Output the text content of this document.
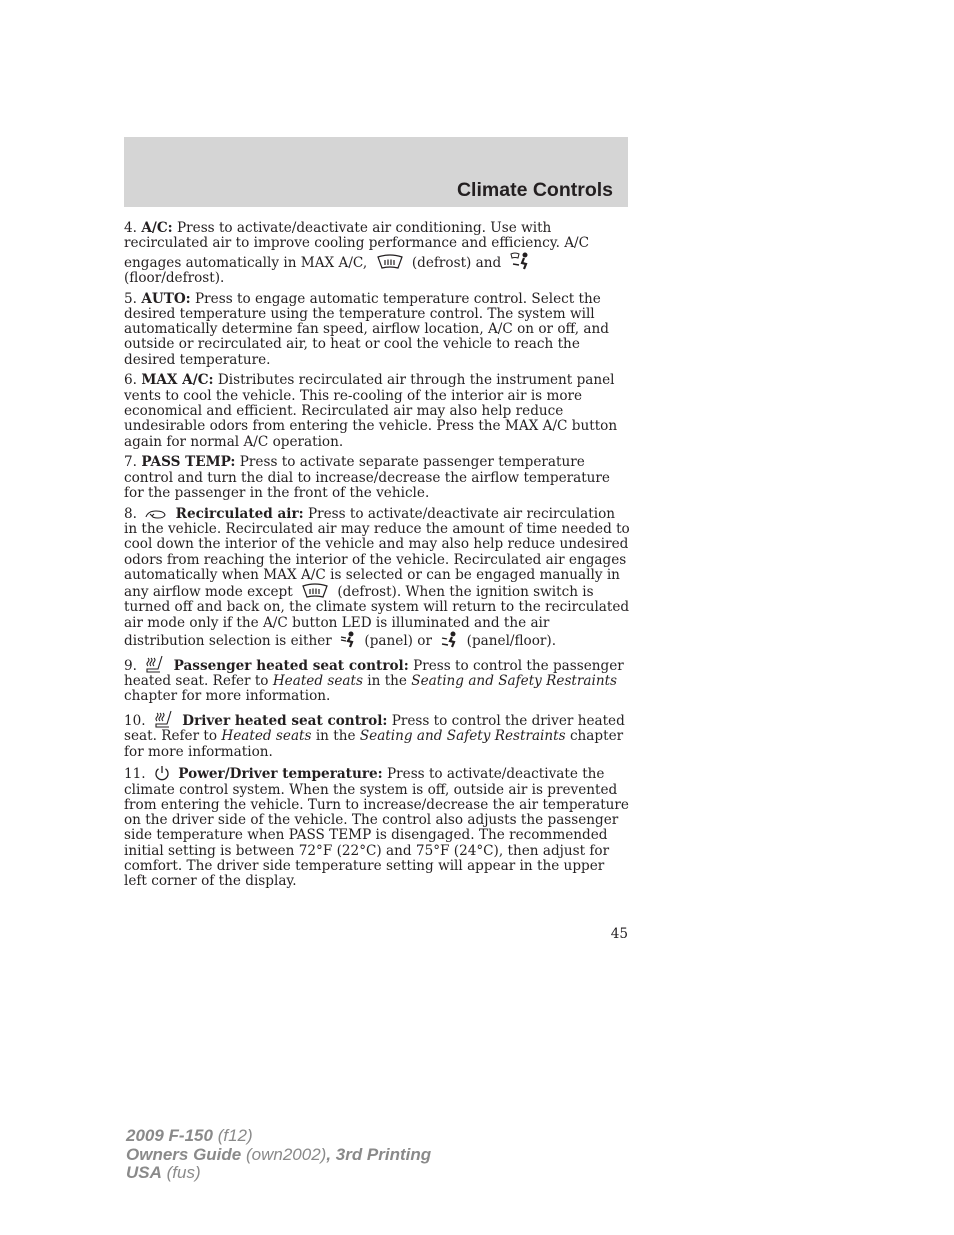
Climate Controls

4. A/C: Press to activate/deactivate air conditioning. Use with recirculated air to improve cooling performance and efficiency. A/C engages automatically in MAX A/C,	(defrost) and

(floor/defrost).

5. AUTO: Press to engage automatic temperature control. Select the desired temperature using the temperature control. The system will automatically determine fan speed, airflow location, A/C on or off, and outside or recirculated air, to heat or cool the vehicle to reach the desired temperature.

6. MAX A/C: Distributes recirculated air through the instrument panel vents to cool the vehicle. This re-cooling of the interior air is more economical and efficient. Recirculated air may also help reduce undesirable odors from entering the vehicle. Press the MAX A/C button again for normal A/C operation.

7. PASS TEMP: Press to activate separate passenger temperature control and turn the dial to increase/decrease the airflow temperature for the passenger in the front of the vehicle.

8.	Recirculated air: Press to activate/deactivate air recirculation in the vehicle. Recirculated air may reduce the amount of time needed to cool down the interior of the vehicle and may also help reduce undesired odors from reaching the interior of the vehicle. Recirculated air engages automatically when MAX A/C is selected or can be engaged manually in any airflow mode except	(defrost). When the ignition switch is turned off and back on, the climate system will return to the recirculated air mode only if the A/C button LED is illuminated and the air distribution selection is either (panel) or	(panel/floor).

9.	Passenger heated seat control: Press to control the passenger heated seat. Refer to Heated seats in the Seating and Safety Restraints chapter for more information.

10.	Driver heated seat control: Press to control the driver heated seat. Refer to Heated seats in the Seating and Safety Restraints chapter for more information.

11. Power/Driver temperature: Press to activate/deactivate the climate control system. When the system is off, outside air is prevented from entering the vehicle. Turn to increase/decrease the air temperature on the driver side of the vehicle. The control also adjusts the passenger side temperature when PASS TEMP is disengaged. The recommended initial setting is between 72°F (22°C) and 75°F (24°C), then adjust for comfort. The driver side temperature setting will appear in the upper left corner of the display.

45
2009 F-150 (f12)
Owners Guide (own2002), 3rd Printing
USA (fus)
